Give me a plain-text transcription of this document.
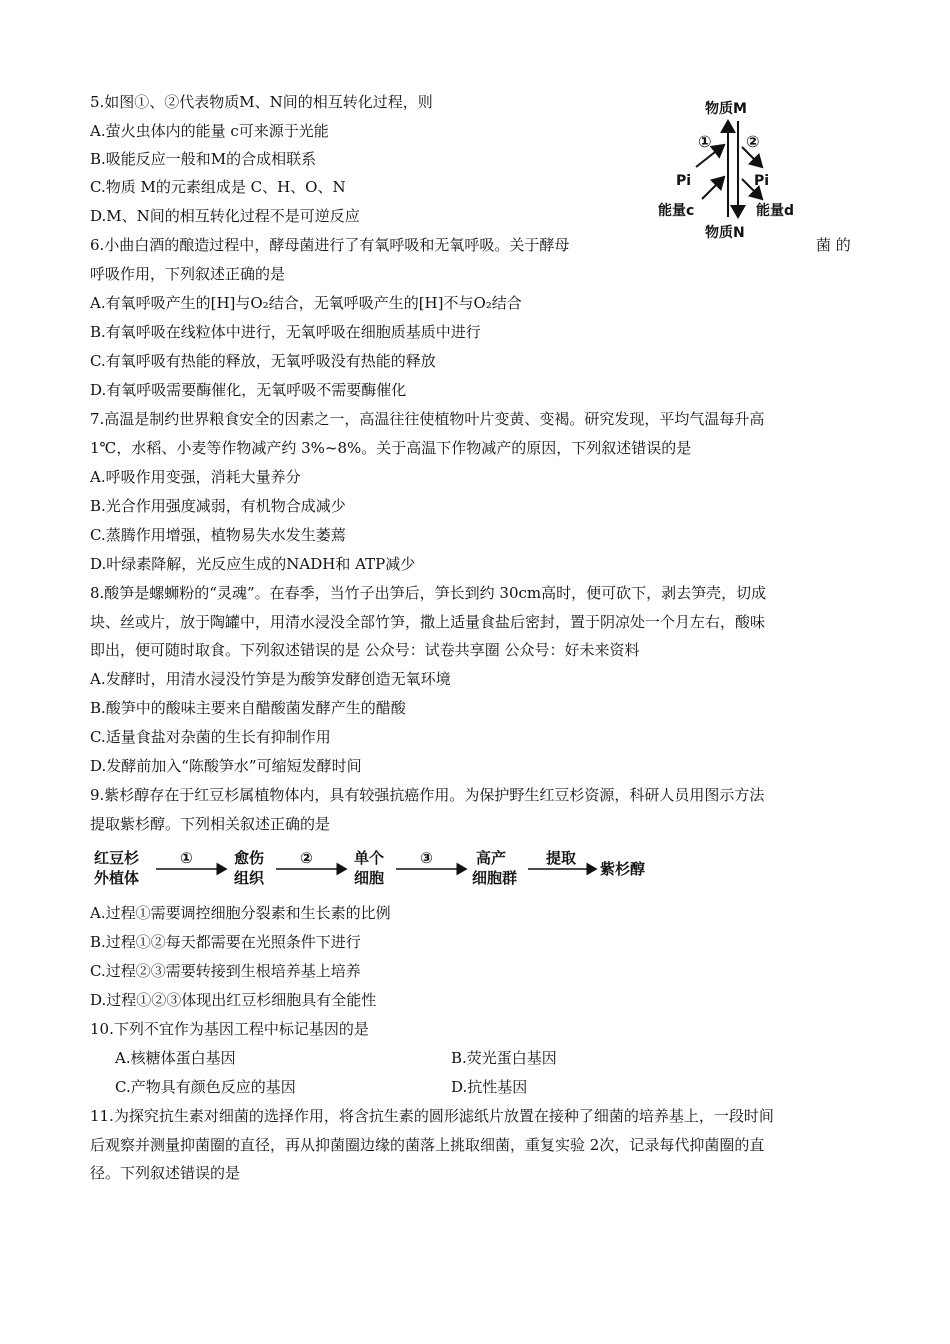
5.如图①、②代表物质M、N间的相互转化过程，则
A.萤火虫体内的能量 c可来源于光能
B.吸能反应一般和M的合成相联系
C.物质 M的元素组成是 C、H、O、N
D.M、N间的相互转化过程不是可逆反应
物质M
物质N
① ②
Pi	Pi
能量c	能量d
6.小曲白酒的酿造过程中，酵母菌进行了有氧呼吸和无氧呼吸。关于酵母	菌 的
呼吸作用，下列叙述正确的是
A.有氧呼吸产生的[H]与O₂结合，无氧呼吸产生的[H]不与O₂结合
B.有氧呼吸在线粒体中进行，无氧呼吸在细胞质基质中进行
C.有氧呼吸有热能的释放，无氧呼吸没有热能的释放
D.有氧呼吸需要酶催化，无氧呼吸不需要酶催化
7.高温是制约世界粮食安全的因素之一，高温往往使植物叶片变黄、变褐。研究发现，平均气温每升高
1℃，水稻、小麦等作物减产约 3%~8%。关于高温下作物减产的原因，下列叙述错误的是
A.呼吸作用变强，消耗大量养分
B.光合作用强度减弱，有机物合成减少
C.蒸腾作用增强，植物易失水发生萎蔫
D.叶绿素降解，光反应生成的NADH和 ATP减少
8.酸笋是螺蛳粉的“灵魂”。在春季，当竹子出笋后，笋长到约 30cm高时，便可砍下，剥去笋壳，切成
块、丝或片，放于陶罐中，用清水浸没全部竹笋，撒上适量食盐后密封，置于阴凉处一个月左右，酸味
即出，便可随时取食。下列叙述错误的是 公众号：试卷共享圈 公众号：好未来资料
A.发酵时，用清水浸没竹笋是为酸笋发酵创造无氧环境
B.酸笋中的酸味主要来自醋酸菌发酵产生的醋酸
C.适量食盐对杂菌的生长有抑制作用
D.发酵前加入“陈酸笋水”可缩短发酵时间
9.紫杉醇存在于红豆杉属植物体内，具有较强抗癌作用。为保护野生红豆杉资源，科研人员用图示方法
提取紫杉醇。下列相关叙述正确的是
红豆杉
外植体
①	愈伤
组织
②	单个
细胞
③	高产
细胞群
提取
紫杉醇
A.过程①需要调控细胞分裂素和生长素的比例
B.过程①②每天都需要在光照条件下进行
C.过程②③需要转接到生根培养基上培养
D.过程①②③体现出红豆杉细胞具有全能性
10.下列不宜作为基因工程中标记基因的是
A.核糖体蛋白基因	B.荧光蛋白基因
C.产物具有颜色反应的基因	D.抗性基因
11.为探究抗生素对细菌的选择作用，将含抗生素的圆形滤纸片放置在接种了细菌的培养基上，一段时间
后观察并测量抑菌圈的直径，再从抑菌圈边缘的菌落上挑取细菌，重复实验 2次，记录每代抑菌圈的直
径。下列叙述错误的是
